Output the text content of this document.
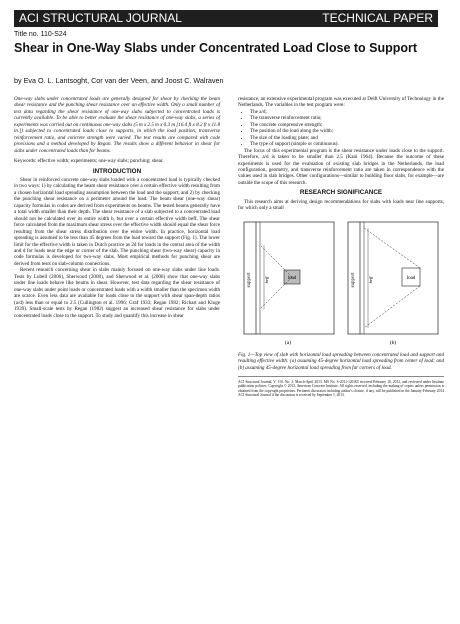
ACI STRUCTURAL JOURNAL	TECHNICAL PAPER
Title no. 110-S24
Shear in One-Way Slabs under Concentrated Load Close to Support
by Eva O. L. Lantsoght, Cor van der Veen, and Joost C. Walraven

One-way slabs under concentrated loads are generally designed for shear by checking the beam shear resistance and the punching shear resistance over an effective width. Only a small number of test data regarding the shear resistance of one-way slabs subjected to concentrated loads is currently available. To be able to better evaluate the shear resistance of one-way slabs, a series of experiments was carried out on continuous one-way slabs (5 m x 2.5 m x 0.3 m [16.4 ft x 8.2 ft x 11.8 in.]) subjected to concentrated loads close to supports, in which the load position, transverse reinforcement ratio, and concrete strength were varied. The test results are compared with code provisions and a method developed by Regan. The results show a different behavior in shear for slabs under concentrated loads than for beams.

Keywords: effective width; experiments; one-way slabs; punching; shear.

INTRODUCTION

Shear in reinforced concrete one-way slabs loaded with a concentrated load is typically checked in two ways: 1) by calculating the beam shear resistance over a certain effective width resulting from a chosen horizontal load spreading assumption between the load and the support; and 2) by checking the punching shear resistance on a perimeter around the load. The beam shear (one-way shear) capacity formulas in codes are derived from experiments on beams. The tested beams generally have a total width smaller than their depth. The shear resistance of a slab subjected to a concentrated load should not be calculated over its entire width b, but over a certain effective width beff. The shear force calculated from the maximum shear stress over the effective width should equal the shear force resulting from the shear stress distribution over the entire width. In practice, horizontal load spreading is assumed to be less than 45 degrees from the load toward the support (Fig. 1). The lower limit for the effective width is taken in Dutch practice as 2d for loads in the central area of the width and d for loads near the edge or corner of the slab. The punching shear (two-way shear) capacity in code formulas is developed for two-way slabs. Most empirical methods for punching shear are derived from tests on slab-column connections.

Recent research concerning shear in slabs mainly focused on one-way slabs under line loads. Tests by Lubell (2006), Sherwood (2008), and Sherwood et al. (2006) show that one-way slabs under line loads behave like beams in shear. However, test data regarding the shear resistance of one-way slabs under point loads or concentrated loads with a width smaller than the specimen width are scarce. Even less data are available for loads close to the support with shear span-depth ratios (a/d) less than or equal to 2.5 (Cullington et al. 1996; Graf 1933; Regan 1982; Richart and Kluge 1939). Small-scale tests by Regan (1982) suggest an increased shear resistance for slabs under concentrated loads close to the support. To study and quantify this increase in shear

resistance, an extensive experimental program was executed at Delft University of Technology in the Netherlands. The variables in the test program were:

• The a/d;
• The transverse reinforcement ratio;
• The concrete compressive strength;
• The position of the load along the width;
• The size of the loading plate; and
• The type of support (simple or continuous).

The focus of this experimental program is the shear resistance under loads close to the support. Therefore, a/d is taken to be smaller than 2.5 (Kani 1964). Because the outcome of these experiments is used for the evaluation of existing slab bridges in the Netherlands, the load configuration, geometry, and transverse reinforcement ratio are taken in correspondence with the values used in slab bridges. Other configurations—similar to building floor slabs, for example—are outside the scope of this research.

RESEARCH SIGNIFICANCE

This research aims at deriving design recommendations for slabs with loads near line supports, for which only a small

support	beff	load
(a)
support	beff	load
(b)

Fig. 1—Top view of slab with horizontal load spreading between concentrated load and support and resulting effective width: (a) assuming 45-degree horizontal load spreading from center of load; and (b) assuming 45-degree horizontal load spreading from far corners of load.

ACI Structural Journal, V. 110, No. 2, March-April 2013. MS No. S-2011-120.R3 received February 10, 2012, and reviewed under Institute publication policies. Copyright © 2013, American Concrete Institute. All rights reserved, including the making of copies unless permission is obtained from the copyright proprietors. Pertinent discussion including author's closure, if any, will be published in the January-February 2014 ACI Structural Journal if the discussion is received by September 1, 2013.
